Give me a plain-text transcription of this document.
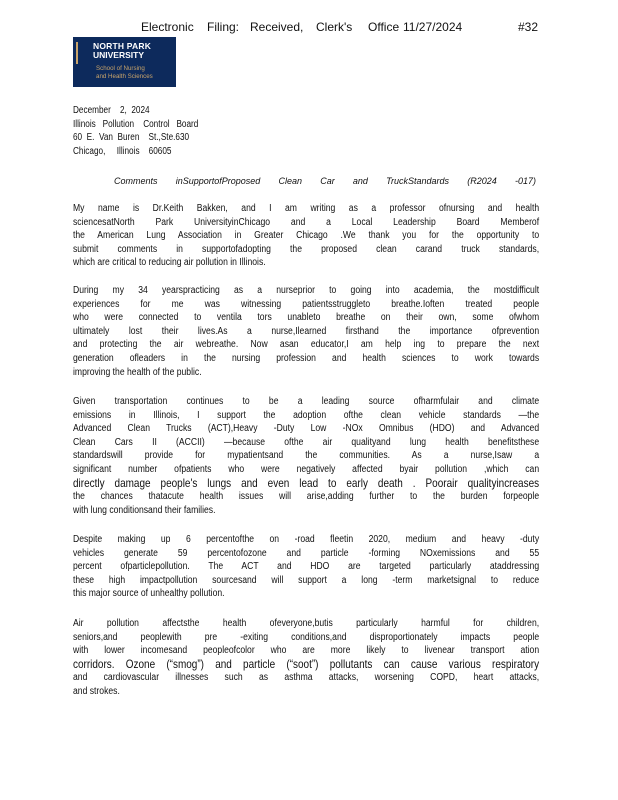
Electronic Filing: Received, Clerk's Office 11/27/2024	#32
NORTH PARK
UNIVERSITY
School of Nursing
and Health Sciences
December    2,  2024
Illinois   Pollution    Control   Board
60  E.  Van  Buren    St.,Ste.630
Chicago,     Illinois    60605
Comments inSupportofProposed Clean Car and TruckStandards (R2024 -017)
My name is Dr.Keith Bakken, and I am writing as a professor ofnursing and health
sciencesatNorth Park UniversityinChicago and a Local Leadership Board Memberof
the American Lung Association in Greater Chicago .We thank you for the opportunity to
submit comments in supportofadopting the proposed clean carand truck standards,
which are critical to reducing air pollution in Illinois.
During my 34 yearspracticing as a nurseprior to going into academia, the mostdifficult
experiences for me was witnessing patientsstruggleto breathe.Ioften treated people
who were connected to ventila tors unableto breathe on their own, some ofwhom
ultimately lost their lives.As a nurse,Ilearned firsthand the importance ofprevention
and protecting the air webreathe. Now asan educator,I am help ing to prepare the next
generation ofleaders in the nursing profession and health sciences to work towards
improving the health of the public.
Given transportation continues to be a leading source ofharmfulair and climate
emissions in Illinois, I support the adoption ofthe clean vehicle standards —the
Advanced Clean Trucks (ACT),Heavy -Duty Low -NOx Omnibus (HDO) and Advanced
Clean Cars II (ACCII) —because ofthe air qualityand lung health benefitsthese
standardswill provide for mypatientsand the communities. As a nurse,Isaw a
significant number ofpatients who were negatively affected byair pollution ,which can
directly damage people's lungs and even lead to early death . Poorair qualityincreases
the chances thatacute health issues will arise,adding further to the burden forpeople
with lung conditionsand their families.
Despite making up 6 percentofthe on -road fleetin 2020, medium and heavy -duty
vehicles generate 59 percentofozone and particle -forming NOxemissions and 55
percent ofparticlepollution. The ACT and HDO are targeted particularly ataddressing
these high impactpollution sourcesand will support a long -term marketsignal to reduce
this major source of unhealthy pollution.
Air pollution affectsthe health ofeveryone,butis particularly harmful for children,
seniors,and peoplewith pre -exiting conditions,and disproportionately impacts people
with lower incomesand peopleofcolor who are more likely to livenear transport ation
corridors. Ozone (“smog”) and particle (“soot”) pollutants can cause various respiratory
and cardiovascular illnesses such as asthma attacks, worsening COPD, heart attacks,
and strokes.
